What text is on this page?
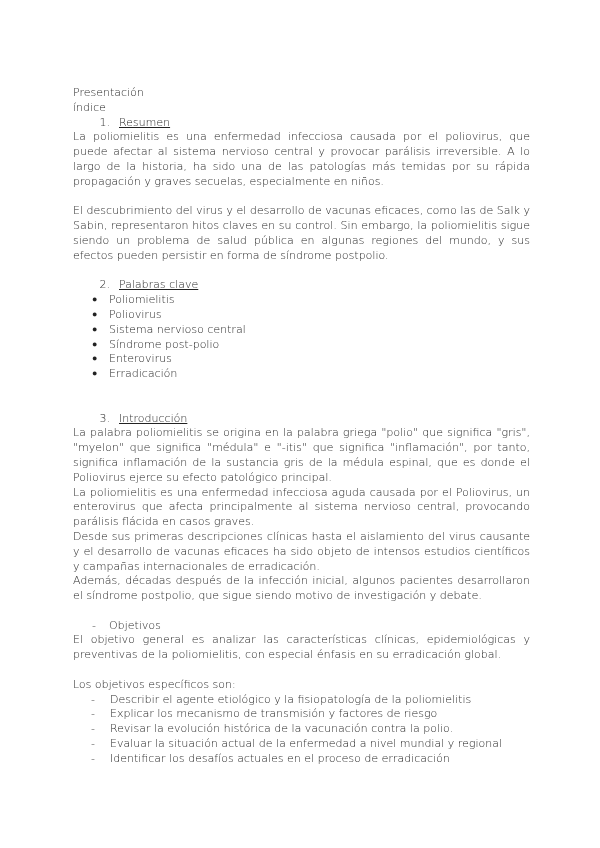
Presentación

índice

1. Resumen

La poliomielitis es una enfermedad infecciosa causada por el poliovirus, que puede afectar al sistema nervioso central y provocar parálisis irreversible. A lo largo de la historia, ha sido una de las patologías más temidas por su rápida propagación y graves secuelas, especialmente en niños.

El descubrimiento del virus y el desarrollo de vacunas eficaces, como las de Salk y Sabin, representaron hitos claves en su control. Sin embargo, la poliomielitis sigue siendo un problema de salud pública en algunas regiones del mundo, y sus efectos pueden persistir en forma de síndrome postpolio.

2. Palabras clave
●	Poliomielitis
●	Poliovirus
●	Sistema nervioso central
●	Síndrome post-polio
●	Enterovirus
●	Erradicación
3. Introducción

La palabra poliomielitis se origina en la palabra griega "polio" que significa "gris", "myelon" que significa "médula" e "-itis" que significa "inflamación", por tanto, significa inflamación de la sustancia gris de la médula espinal, que es donde el Poliovirus ejerce su efecto patológico principal.

La poliomielitis es una enfermedad infecciosa aguda causada por el Poliovirus, un enterovirus que afecta principalmente al sistema nervioso central, provocando parálisis flácida en casos graves.

Desde sus primeras descripciones clínicas hasta el aislamiento del virus causante y el desarrollo de vacunas eficaces ha sido objeto de intensos estudios científicos y campañas internacionales de erradicación.

Además, décadas después de la infección inicial, algunos pacientes desarrollaron el síndrome postpolio, que sigue siendo motivo de investigación y debate.

-	Objetivos

El objetivo general es analizar las características clínicas, epidemiológicas y preventivas de la poliomielitis, con especial énfasis en su erradicación global.

Los objetivos específicos son:

-	Describir el agente etiológico y la fisiopatología de la poliomielitis
-	Explicar los mecanismo de transmisión y factores de riesgo
-	Revisar la evolución histórica de la vacunación contra la polio.
-	Evaluar la situación actual de la enfermedad a nivel mundial y regional
-	Identificar los desafíos actuales en el proceso de erradicación
